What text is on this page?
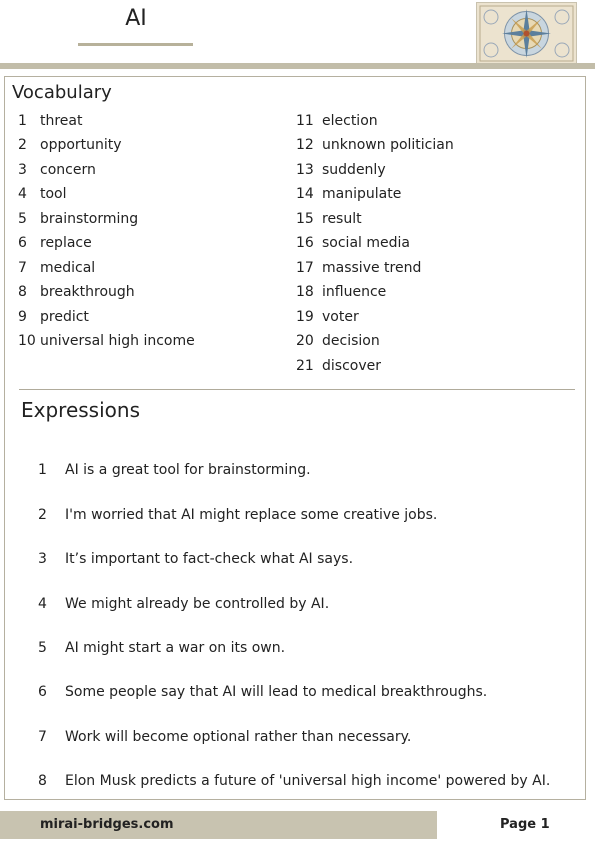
AI
Vocabulary
1 threat
2 opportunity
3 concern
4 tool
5 brainstorming
6 replace
7 medical
8 breakthrough
9 predict
10 universal high income
11 election
12 unknown politician
13 suddenly
14 manipulate
15 result
16 social media
17 massive trend
18 influence
19 voter
20 decision
21 discover
Expressions
1 AI is a great tool for brainstorming.
2 I'm worried that AI might replace some creative jobs.
3 It’s important to fact-check what AI says.
4 We might already be controlled by AI.
5 AI might start a war on its own.
6 Some people say that AI will lead to medical breakthroughs.
7 Work will become optional rather than necessary.
8 Elon Musk predicts a future of 'universal high income' powered by AI.
mirai-bridges.com	Page 1
